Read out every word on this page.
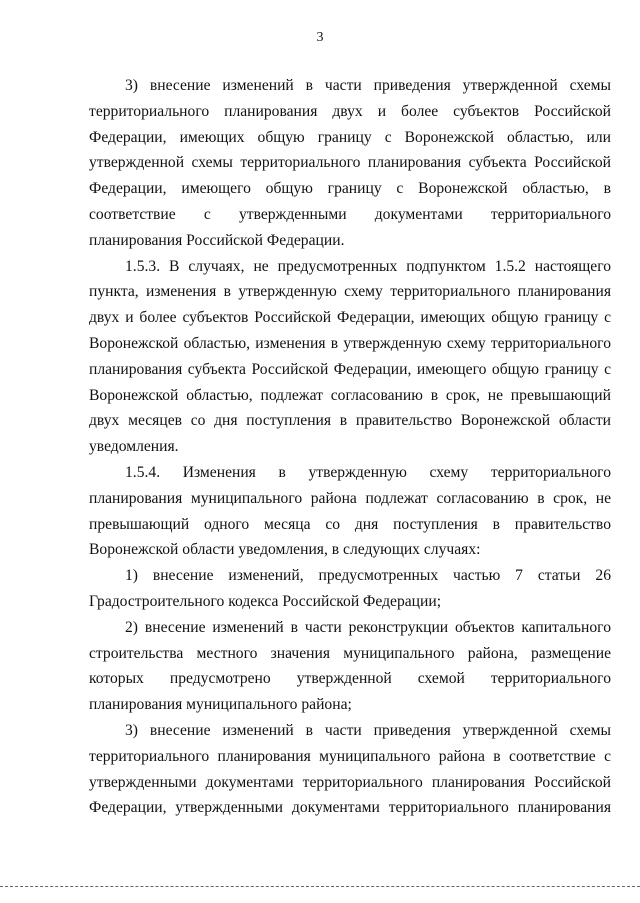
3

3) внесение изменений в части приведения утвержденной схемы территориального планирования двух и более субъектов Российской Федерации, имеющих общую границу с Воронежской областью, или утвержденной схемы территориального планирования субъекта Российской Федерации, имеющего общую границу с Воронежской областью, в соответствие с утвержденными документами территориального планирования Российской Федерации.

1.5.3. В случаях, не предусмотренных подпунктом 1.5.2 настоящего пункта, изменения в утвержденную схему территориального планирования двух и более субъектов Российской Федерации, имеющих общую границу с Воронежской областью, изменения в утвержденную схему территориального планирования субъекта Российской Федерации, имеющего общую границу с Воронежской областью, подлежат согласованию в срок, не превышающий двух месяцев со дня поступления в правительство Воронежской области уведомления.

1.5.4. Изменения в утвержденную схему территориального планирования муниципального района подлежат согласованию в срок, не превышающий одного месяца со дня поступления в правительство Воронежской области уведомления, в следующих случаях:

1) внесение изменений, предусмотренных частью 7 статьи 26 Градостроительного кодекса Российской Федерации;

2) внесение изменений в части реконструкции объектов капитального строительства местного значения муниципального района, размещение которых предусмотрено утвержденной схемой территориального планирования муниципального района;

3) внесение изменений в части приведения утвержденной схемы территориального планирования муниципального района в соответствие с утвержденными документами территориального планирования Российской Федерации, утвержденными документами территориального планирования
